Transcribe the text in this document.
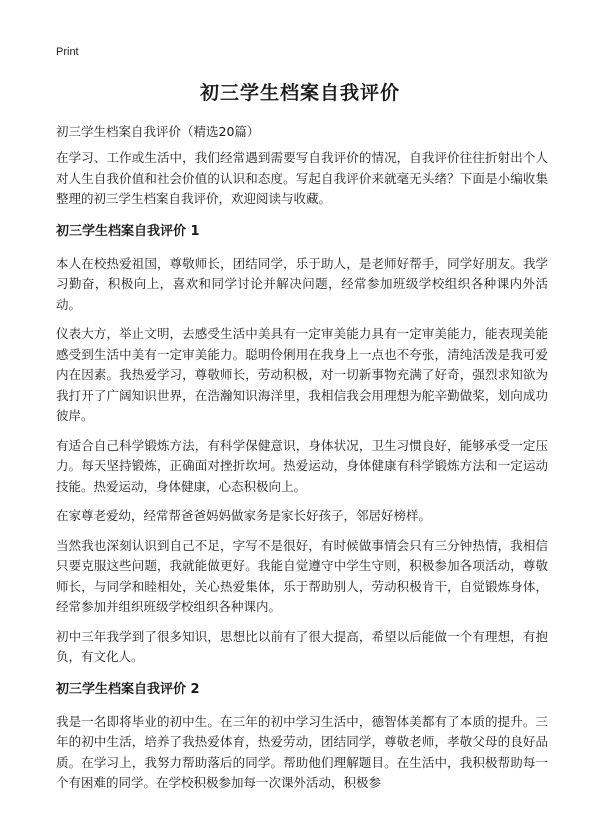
Print
初三学生档案自我评价
初三学生档案自我评价（精选20篇）

在学习、工作或生活中，我们经常遇到需要写自我评价的情况，自我评价往往折射出个人对人生自我价值和社会价值的认识和态度。写起自我评价来就毫无头绪？下面是小编收集整理的初三学生档案自我评价，欢迎阅读与收藏。

初三学生档案自我评价 1

本人在校热爱祖国，尊敬师长，团结同学，乐于助人，是老师好帮手，同学好朋友。我学习勤奋，积极向上，喜欢和同学讨论并解决问题，经常参加班级学校组织各种课内外活动。

仪表大方，举止文明，去感受生活中美具有一定审美能力具有一定审美能力，能表现美能感受到生活中美有一定审美能力。聪明伶俐用在我身上一点也不夸张，清纯活泼是我可爱内在因素。我热爱学习，尊敬师长，劳动积极，对一切新事物充满了好奇，强烈求知欲为我打开了广阔知识世界，在浩瀚知识海洋里，我相信我会用理想为舵辛勤做桨，划向成功彼岸。

有适合自己科学锻炼方法，有科学保健意识，身体状况，卫生习惯良好，能够承受一定压力。每天坚持锻炼，正确面对挫折坎坷。热爱运动，身体健康有科学锻炼方法和一定运动技能。热爱运动，身体健康，心态积极向上。

在家尊老爱幼，经常帮爸爸妈妈做家务是家长好孩子，邻居好榜样。

当然我也深刻认识到自己不足，字写不是很好，有时候做事情会只有三分钟热情，我相信只要克服这些问题，我就能做更好。我能自觉遵守中学生守则，积极参加各项活动，尊敬师长，与同学和睦相处，关心热爱集体，乐于帮助别人，劳动积极肯干，自觉锻炼身体，经常参加并组织班级学校组织各种课内。

初中三年我学到了很多知识，思想比以前有了很大提高，希望以后能做一个有理想，有抱负，有文化人。

初三学生档案自我评价 2

我是一名即将毕业的初中生。在三年的初中学习生活中，德智体美都有了本质的提升。三年的初中生活，培养了我热爱体育，热爱劳动，团结同学，尊敬老师，孝敬父母的良好品质。在学习上，我努力帮助落后的同学。帮助他们理解题目。在生活中，我积极帮助每一个有困难的同学。在学校积极参加每一次课外活动，积极参
